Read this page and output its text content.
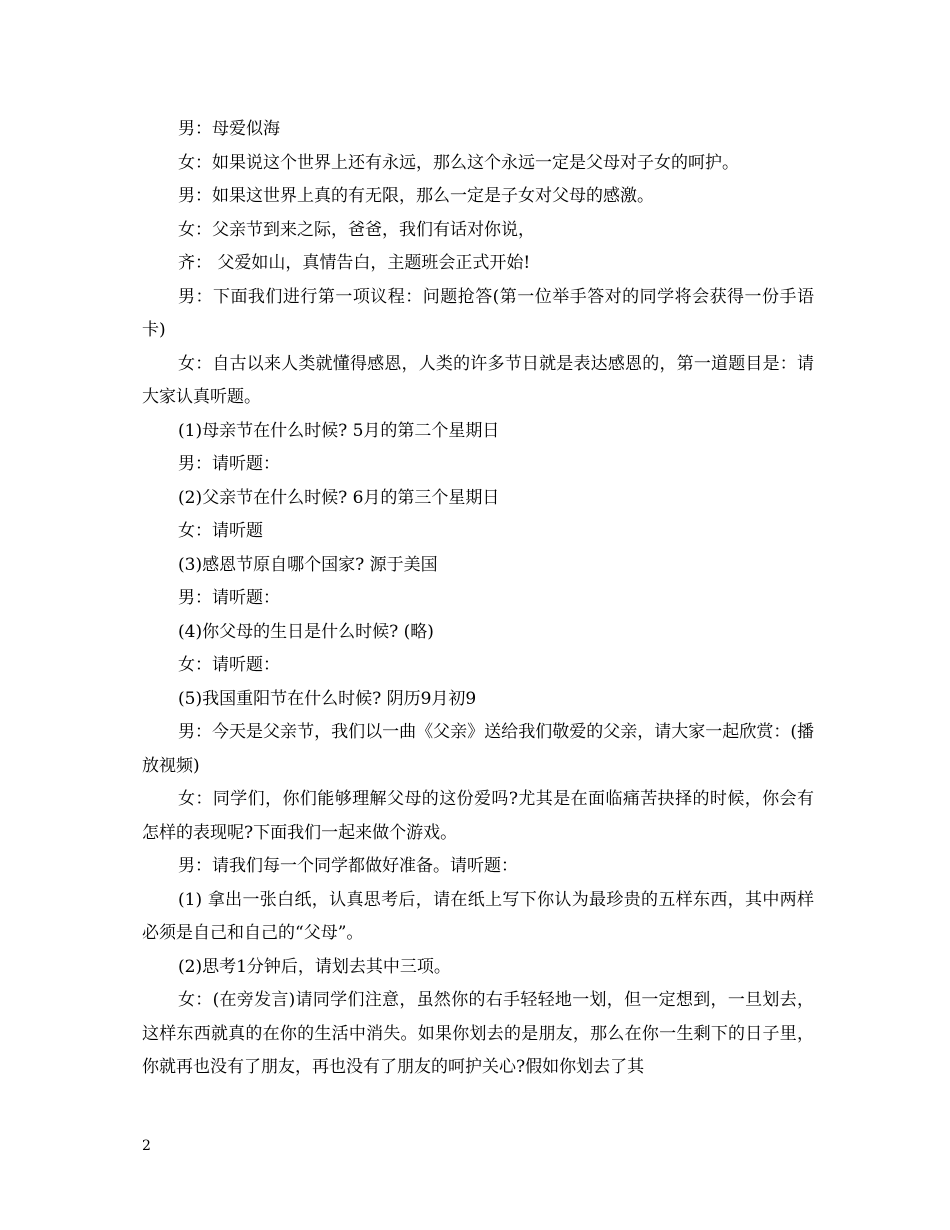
男：母爱似海

女：如果说这个世界上还有永远，那么这个永远一定是父母对子女的呵护。

男：如果这世界上真的有无限，那么一定是子女对父母的感激。

女：父亲节到来之际，爸爸，我们有话对你说，

齐： 父爱如山，真情告白，主题班会正式开始!

男：下面我们进行第一项议程：问题抢答(第一位举手答对的同学将会获得一份手语卡)

女：自古以来人类就懂得感恩，人类的许多节日就是表达感恩的，第一道题目是：请大家认真听题。

(1)母亲节在什么时候? 5月的第二个星期日

男：请听题：

(2)父亲节在什么时候? 6月的第三个星期日

女：请听题

(3)感恩节原自哪个国家? 源于美国

男：请听题：

(4)你父母的生日是什么时候? (略)

女：请听题：

(5)我国重阳节在什么时候? 阴历9月初9

男：今天是父亲节，我们以一曲《父亲》送给我们敬爱的父亲，请大家一起欣赏：(播放视频)

女：同学们，你们能够理解父母的这份爱吗?尤其是在面临痛苦抉择的时候，你会有怎样的表现呢?下面我们一起来做个游戏。

男：请我们每一个同学都做好准备。请听题：

(1) 拿出一张白纸，认真思考后，请在纸上写下你认为最珍贵的五样东西，其中两样必须是自己和自己的“父母”。

(2)思考1分钟后，请划去其中三项。

女：(在旁发言)请同学们注意，虽然你的右手轻轻地一划，但一定想到，一旦划去，这样东西就真的在你的生活中消失。如果你划去的是朋友，那么在你一生剩下的日子里，你就再也没有了朋友，再也没有了朋友的呵护关心?假如你划去了其

2
